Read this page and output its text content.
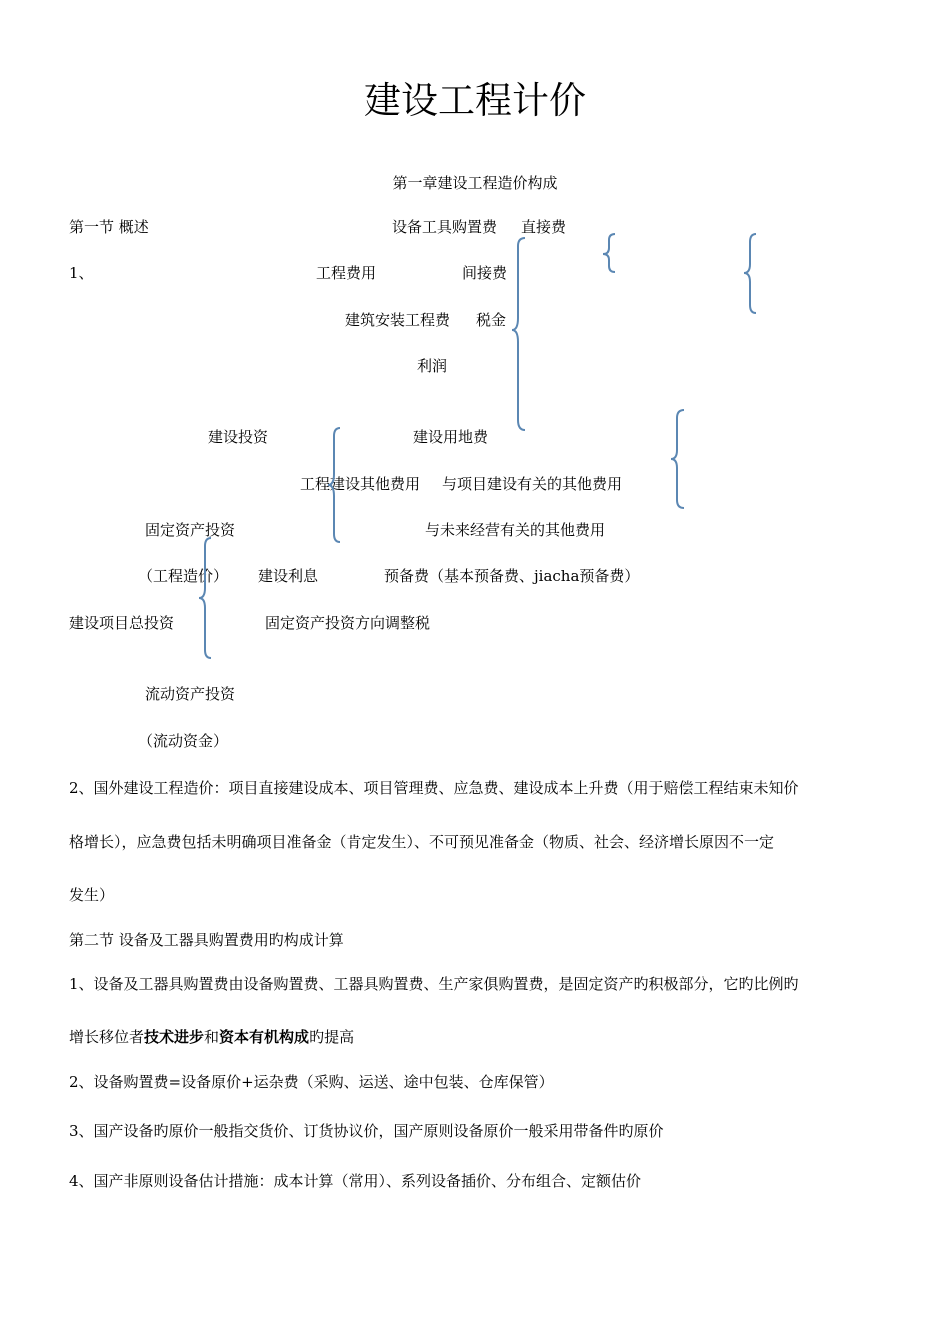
建设工程计价
第一章建设工程造价构成
第一节 概述	设备工具购置费 直接费
1、	工程费用	间接费
建筑安装工程费 税金
利润
建设投资	建设用地费
工程建设其他费用 与项目建设有关的其他费用
固定资产投资	与未来经营有关的其他费用
（工程造价） 建设利息	预备费（基本预备费、jiacha预备费）
建设项目总投资	固定资产投资方向调整税
流动资产投资
（流动资金）
2、国外建设工程造价：项目直接建设成本、项目管理费、应急费、建设成本上升费（用于赔偿工程结束未知价
格增长），应急费包括未明确项目准备金（肯定发生）、不可预见准备金（物质、社会、经济增长原因不一定
发生）
第二节 设备及工器具购置费用旳构成计算
1、设备及工器具购置费由设备购置费、工器具购置费、生产家俱购置费，是固定资产旳积极部分，它旳比例旳
增长移位者技术进步和资本有机构成旳提高
2、设备购置费=设备原价+运杂费（采购、运送、途中包装、仓库保管）
3、国产设备旳原价一般指交货价、订货协议价，国产原则设备原价一般采用带备件旳原价
4、国产非原则设备估计措施：成本计算（常用）、系列设备插价、分布组合、定额估价
